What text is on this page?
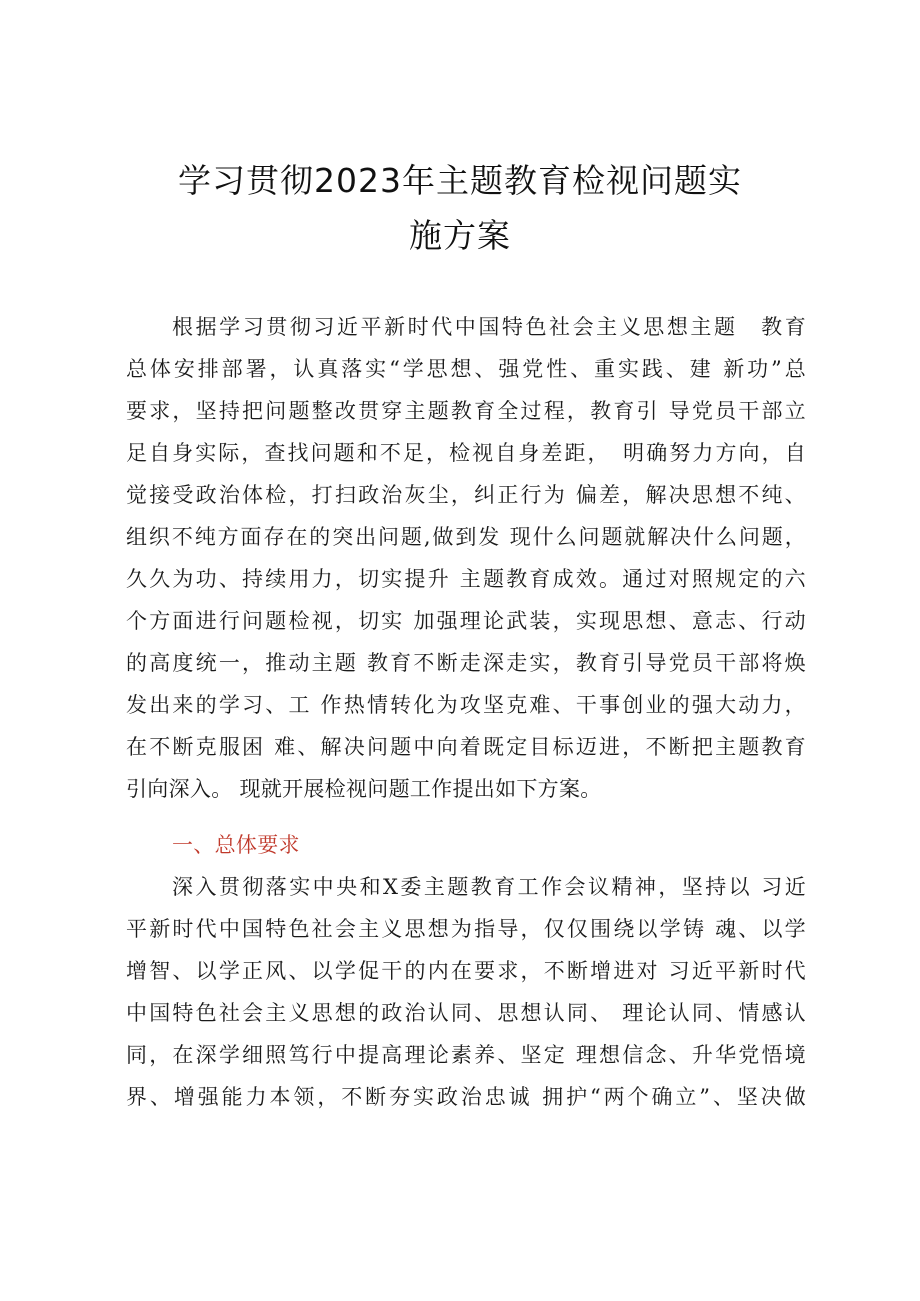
学习贯彻2023年主题教育检视问题实
施方案
根据学习贯彻习近平新时代中国特色社会主义思想主题　教育
总体安排部署，认真落实“学思想、强党性、重实践、建 新功”总
要求，坚持把问题整改贯穿主题教育全过程，教育引 导党员干部立
足自身实际，查找问题和不足，检视自身差距，　明确努力方向，自
觉接受政治体检，打扫政治灰尘，纠正行为 偏差，解决思想不纯、
组织不纯方面存在的突出问题,做到发 现什么问题就解决什么问题，
久久为功、持续用力，切实提升 主题教育成效。通过对照规定的六
个方面进行问题检视，切实 加强理论武装，实现思想、意志、行动
的高度统一，推动主题 教育不断走深走实，教育引导党员干部将焕
发出来的学习、工 作热情转化为攻坚克难、干事创业的强大动力，
在不断克服困 难、解决问题中向着既定目标迈进，不断把主题教育
引向深入。 现就开展检视问题工作提出如下方案。
一、总体要求
深入贯彻落实中央和X委主题教育工作会议精神，坚持以 习近
平新时代中国特色社会主义思想为指导，仅仅围绕以学铸 魂、以学
增智、以学正风、以学促干的内在要求，不断增进对 习近平新时代
中国特色社会主义思想的政治认同、思想认同、 理论认同、情感认
同，在深学细照笃行中提高理论素养、坚定 理想信念、升华党悟境
界、增强能力本领，不断夯实政治忠诚 拥护“两个确立”、坚决做
